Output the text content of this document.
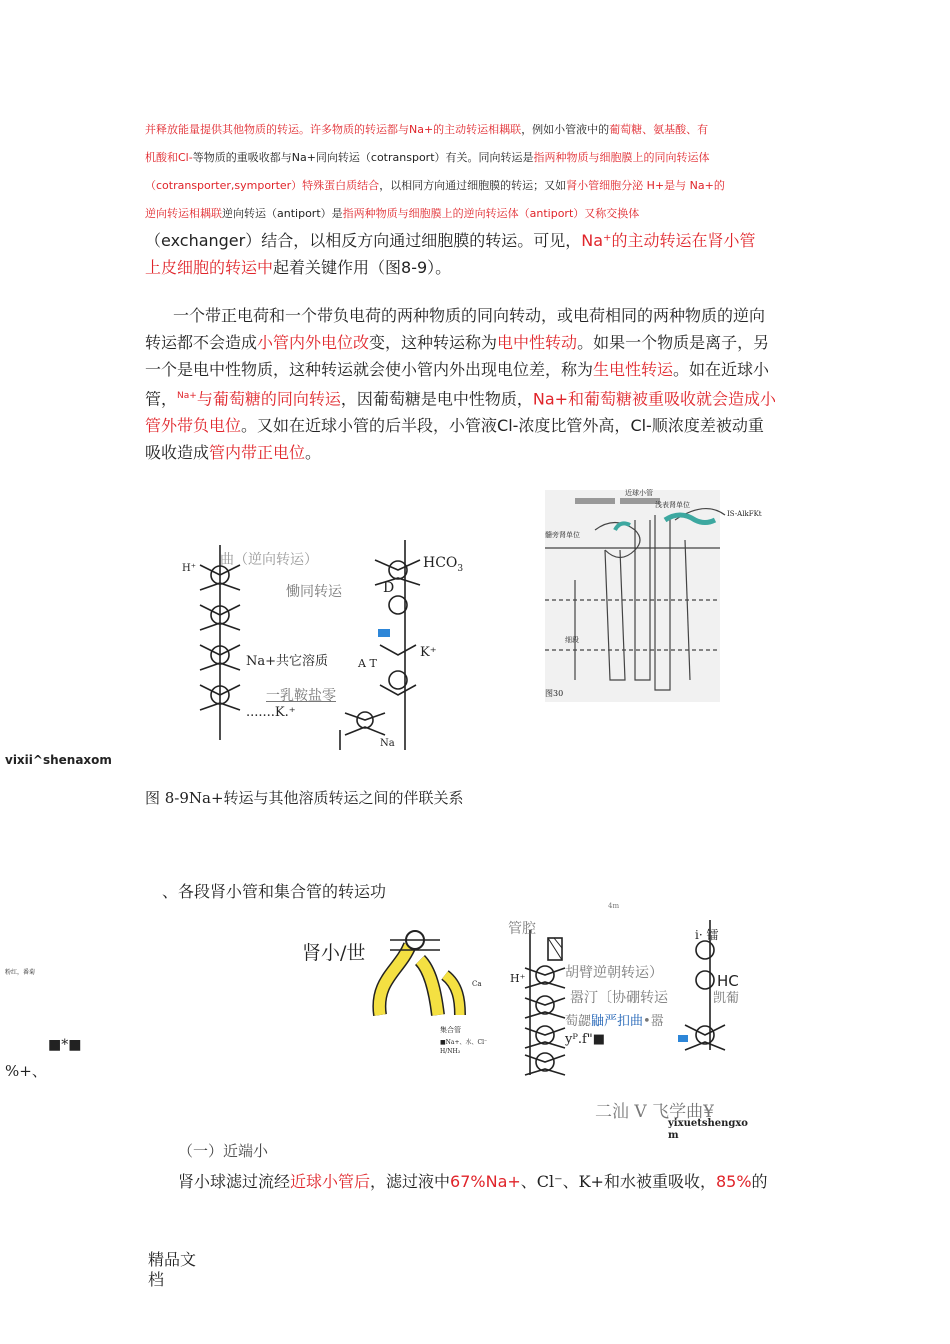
并释放能量提供其他物质的转运。许多物质的转运都与Na+的主动转运相耦联，例如小管液中的葡萄糖、氨基酸、有
机酸和Cl-等物质的重吸收都与Na+同向转运（cotransport）有关。同向转运是指两种物质与细胞膜上的同向转运体
（cotransporter,symporter）特殊蛋白质结合，以相同方向通过细胞膜的转运；又如肾小管细胞分泌 H+是与 Na+的
逆向转运相耦联逆向转运（antiport）是指两种物质与细胞膜上的逆向转运体（antiport）又称交换体
（exchanger）结合，以相反方向通过细胞膜的转运。可见，Na⁺的主动转运在肾小管
上皮细胞的转运中起着关键作用（图8-9）。
一个带正电荷和一个带负电荷的两种物质的同向转动，或电荷相同的两种物质的逆向
转运都不会造成小管内外电位改变，这种转运称为电中性转动。如果一个物质是离子，另
一个是电中性物质，这种转运就会使小管内外出现电位差，称为生电性转运。如在近球小
管，$^{Na+}$与葡萄糖的同向转运，因葡萄糖是电中性物质，Na+和葡萄糖被重吸收就会造成小
管外带负电位。又如在近球小管的后半段，小管液Cl-浓度比管外高，Cl-顺浓度差被动重
吸收造成管内带正电位。
曲（逆向转运）
H⁺
慟同转运
$HCO_3$
D
Na+共它溶质
K⁺
A T
一乳鞍盐零
.......K.⁺
Na
近球小管
浅表肾单位
髓旁肾单位
细段
图30
IS-AlkFKt
vixii^shenaxom
图 8-9Na+转运与其他溶质转运之间的伴联关系
、各段肾小管和集合管的转运功
4m
肾小/世
管腔	i· 镭
H⁺	胡臂逆朝转运）	HC
Ca
嚣汀〔协硼转运	凯葡
集合管
■Na+、水、Cl⁻
H/NH₃
萄勰鼬严扣曲•嚣
yᴾ.f"■
二汕 V 飞学曲¥
yixuetshengxo m
粉红，番菊
■*■
%+、
（一）近端小
肾小球滤过流经近球小管后，滤过液中67%Na+、Cl⁻、K+和水被重吸收，85%的
精品文
档
